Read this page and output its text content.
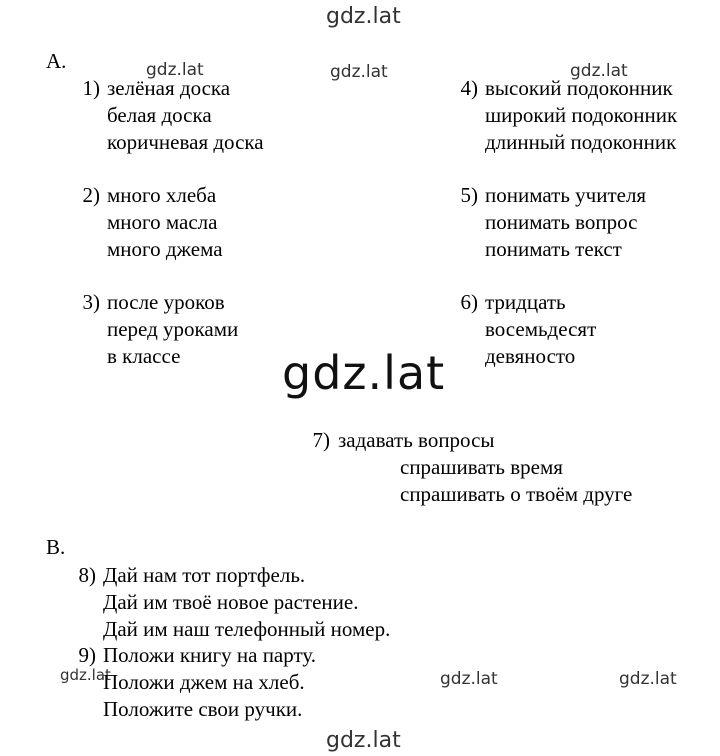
gdz.lat
gdz.lat	gdz.lat	gdz.lat
gdz.lat
gdz.lat	gdz.lat	gdz.lat
gdz.lat
A.
1) зелёная доска
белая доска
коричневая доска
2) много хлеба
много масла
много джема
3) после уроков
перед уроками
в классе
4) высокий подоконник
широкий подоконник
длинный подоконник
5) понимать учителя
понимать вопрос
понимать текст
6) тридцать
восемьдесят
девяносто
7) задавать вопросы
спрашивать время
спрашивать о твоём друге
B.
8) Дай нам тот портфель.
Дай им твоё новое растение.
Дай им наш телефонный номер.
9) Положи книгу на парту.
Положи джем на хлеб.
Положите свои ручки.
